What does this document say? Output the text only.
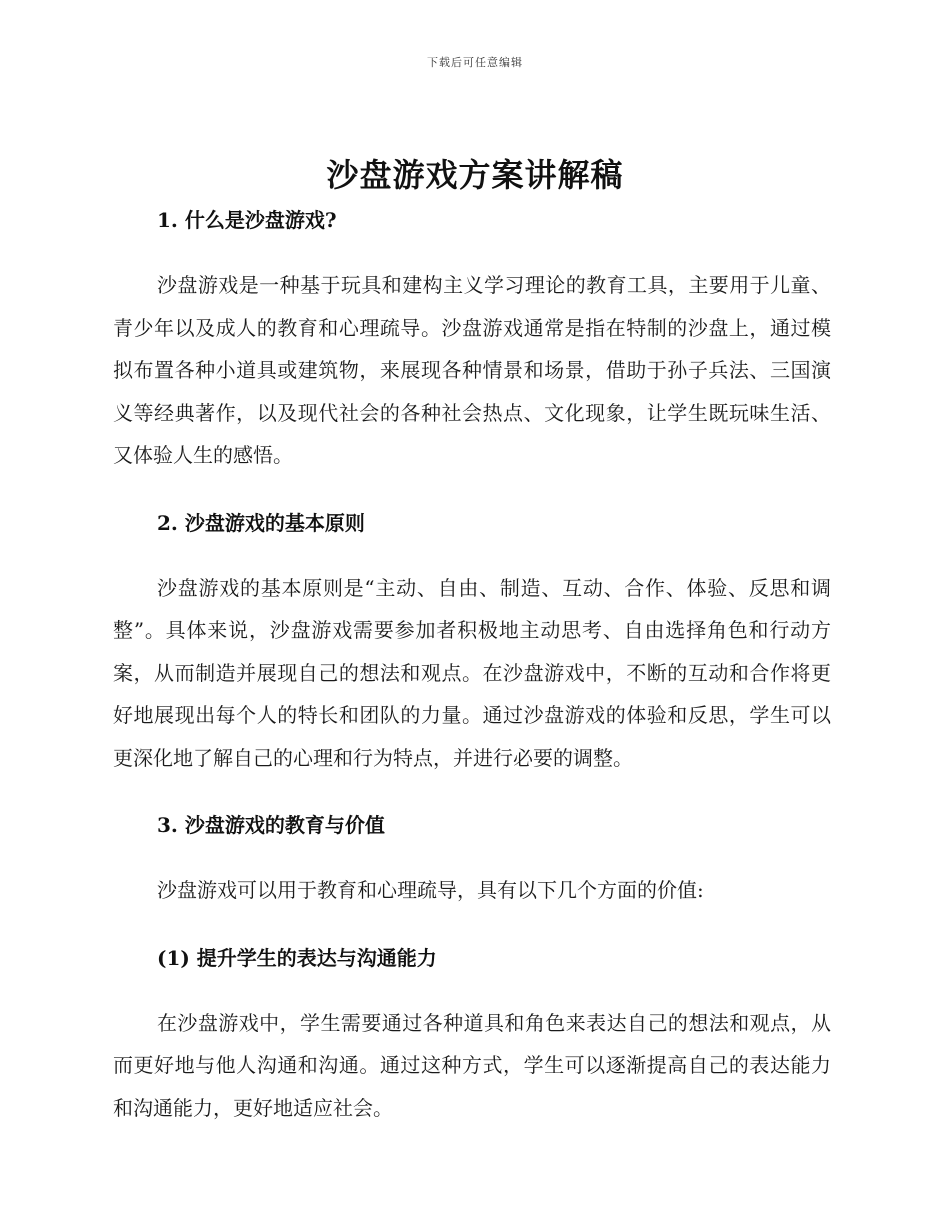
下载后可任意编辑
沙盘游戏方案讲解稿

1. 什么是沙盘游戏?

沙盘游戏是一种基于玩具和建构主义学习理论的教育工具，主要用于儿童、青少年以及成人的教育和心理疏导。沙盘游戏通常是指在特制的沙盘上，通过模拟布置各种小道具或建筑物，来展现各种情景和场景，借助于孙子兵法、三国演义等经典著作，以及现代社会的各种社会热点、文化现象，让学生既玩味生活、又体验人生的感悟。

2. 沙盘游戏的基本原则

沙盘游戏的基本原则是“主动、自由、制造、互动、合作、体验、反思和调整”。具体来说，沙盘游戏需要参加者积极地主动思考、自由选择角色和行动方案，从而制造并展现自己的想法和观点。在沙盘游戏中，不断的互动和合作将更好地展现出每个人的特长和团队的力量。通过沙盘游戏的体验和反思，学生可以更深化地了解自己的心理和行为特点，并进行必要的调整。

3. 沙盘游戏的教育与价值

沙盘游戏可以用于教育和心理疏导，具有以下几个方面的价值:

(1) 提升学生的表达与沟通能力

在沙盘游戏中，学生需要通过各种道具和角色来表达自己的想法和观点，从而更好地与他人沟通和沟通。通过这种方式，学生可以逐渐提高自己的表达能力和沟通能力，更好地适应社会。
